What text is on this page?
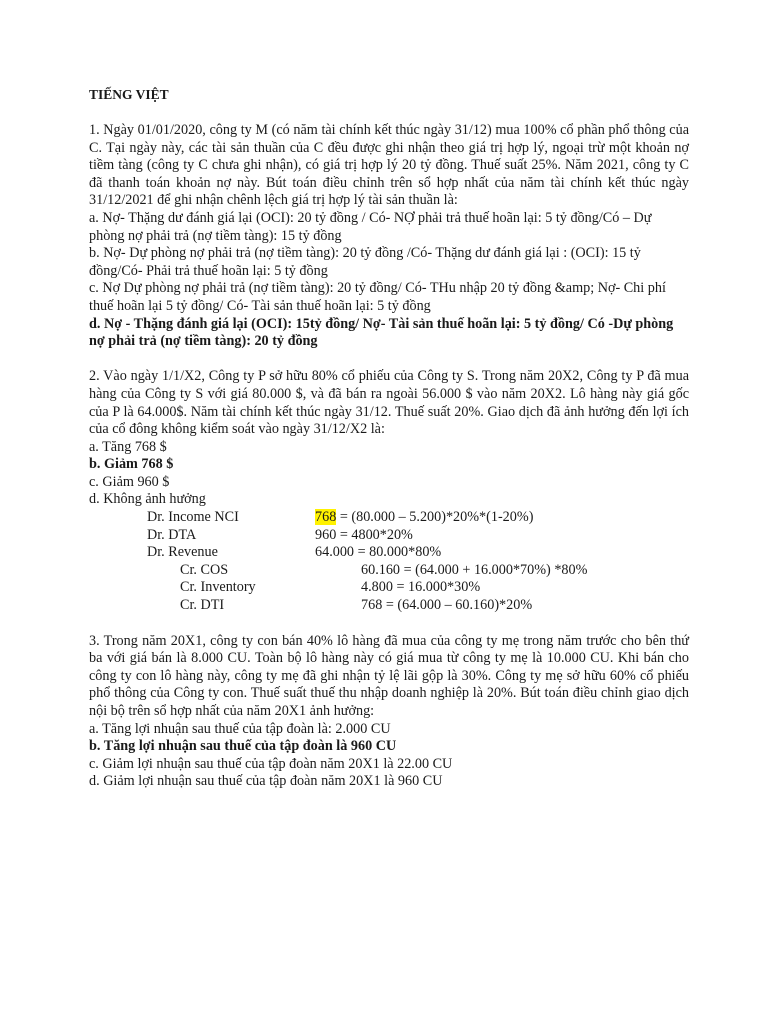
TIẾNG VIỆT
1. Ngày 01/01/2020, công ty M (có năm tài chính kết thúc ngày 31/12) mua 100% cổ phần phổ thông của C. Tại ngày này, các tài sản thuần của C đều được ghi nhận theo giá trị hợp lý, ngoại trừ một khoản nợ tiềm tàng (công ty C chưa ghi nhận), có giá trị hợp lý 20 tỷ đồng. Thuế suất 25%. Năm 2021, công ty C đã thanh toán khoản nợ này. Bút toán điều chỉnh trên sổ hợp nhất của năm tài chính kết thúc ngày 31/12/2021 để ghi nhận chênh lệch giá trị hợp lý tài sản thuần là:
a. Nợ- Thặng dư đánh giá lại (OCI): 20 tỷ đồng / Có- NỢ phải trả thuế hoãn lại: 5 tỷ đồng/Có – Dự phòng nợ phải trả (nợ tiềm tàng): 15 tỷ đồng
b. Nợ- Dự phòng nợ phải trả (nợ tiềm tàng): 20 tỷ đồng /Có- Thặng dư đánh giá lại : (OCI): 15 tỷ đồng/Có- Phải trả thuế hoãn lại: 5 tỷ đồng
c. Nợ Dự phòng nợ phải trả (nợ tiềm tàng): 20 tỷ đồng/ Có- THu nhập 20 tỷ đồng &amp; Nợ- Chi phí thuế hoãn lại 5 tỷ đồng/ Có- Tài sản thuế hoãn lại: 5 tỷ đồng
d. Nợ - Thặng đánh giá lại (OCI): 15tỷ đồng/ Nợ- Tài sản thuế hoãn lại: 5 tỷ đồng/ Có -Dự phòng nợ phải trả (nợ tiềm tàng): 20 tỷ đồng
2. Vào ngày 1/1/X2, Công ty P sở hữu 80% cổ phiếu của Công ty S. Trong năm 20X2, Công ty P đã mua hàng của Công ty S với giá 80.000 $, và đã bán ra ngoài 56.000 $ vào năm 20X2. Lô hàng này giá gốc của P là 64.000$. Năm tài chính kết thúc ngày 31/12. Thuế suất 20%. Giao dịch đã ảnh hưởng đến lợi ích của cổ đông không kiểm soát vào ngày 31/12/X2 là:
a. Tăng 768 $
b. Giảm 768 $
c. Giảm 960 $
d. Không ảnh hưởng
Dr. Income NCI	768 = (80.000 – 5.200)*20%*(1-20%)
Dr. DTA	960 = 4800*20%
Dr. Revenue	64.000 = 80.000*80%
Cr. COS	60.160 = (64.000 + 16.000*70%) *80%
Cr. Inventory	4.800 = 16.000*30%
Cr. DTI	768 = (64.000 – 60.160)*20%
3. Trong năm 20X1, công ty con bán 40% lô hàng đã mua của công ty mẹ trong năm trước cho bên thứ ba với giá bán là 8.000 CU. Toàn bộ lô hàng này có giá mua từ công ty mẹ là 10.000 CU. Khi bán cho công ty con lô hàng này, công ty mẹ đã ghi nhận tỷ lệ lãi gộp là 30%. Công ty mẹ sở hữu 60% cổ phiếu phổ thông của Công ty con. Thuế suất thuế thu nhập doanh nghiệp là 20%. Bút toán điều chỉnh giao dịch nội bộ trên sổ hợp nhất của năm 20X1 ảnh hưởng:
a. Tăng lợi nhuận sau thuế của tập đoàn là: 2.000 CU
b. Tăng lợi nhuận sau thuế của tập đoàn là 960 CU
c. Giảm lợi nhuận sau thuế của tập đoàn năm 20X1 là 22.00 CU
d. Giảm lợi nhuận sau thuế của tập đoàn năm 20X1 là 960 CU
